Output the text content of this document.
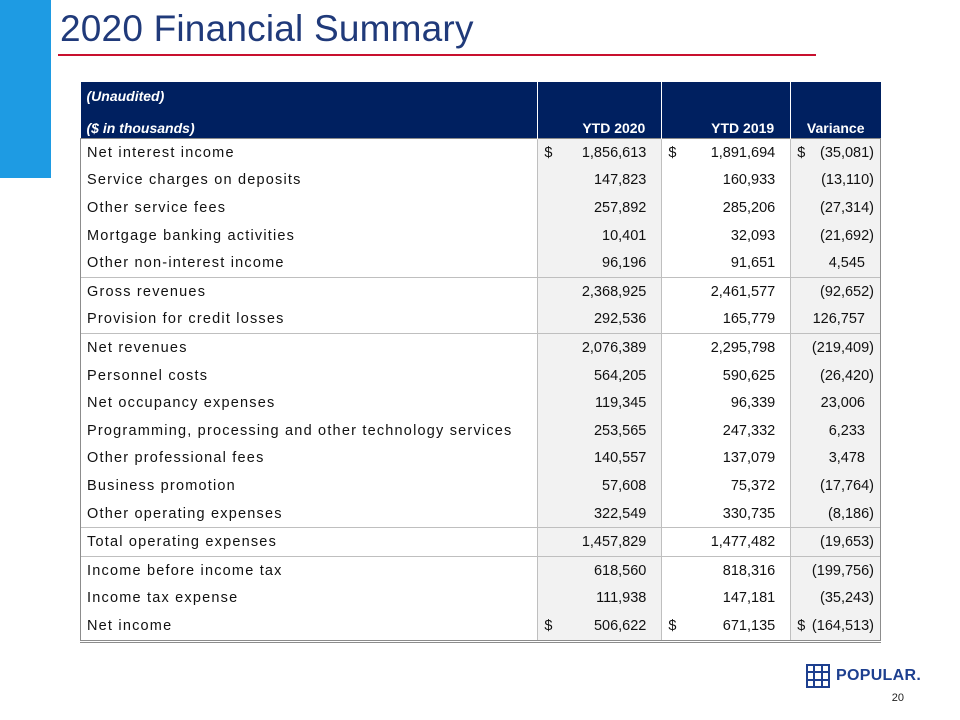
2020 Financial Summary
(Unaudited)
($ in thousands)	YTD 2020	YTD 2019	Variance
Net interest income	$ 1,856,613	$ 1,891,694	$ (35,081)

Service charges on deposits	147,823	160,933	(13,110)

Other service fees	257,892	285,206	(27,314)

Mortgage banking activities	10,401	32,093	(21,692)

Other non-interest income	96,196	91,651	4,545

Gross revenues	2,368,925	2,461,577	(92,652)

Provision for credit losses	292,536	165,779	126,757

Net revenues	2,076,389	2,295,798	(219,409)

Personnel costs	564,205	590,625	(26,420)

Net occupancy expenses	119,345	96,339	23,006

Programming, processing and other technology services	253,565	247,332	6,233

Other professional fees	140,557	137,079	3,478

Business promotion	57,608	75,372	(17,764)

Other operating expenses	322,549	330,735	(8,186)

Total operating expenses	1,457,829	1,477,482	(19,653)

Income before income tax	618,560	818,316	(199,756)

Income tax expense	111,938	147,181	(35,243)

Net income	$ 506,622	$ 671,135	$ (164,513)
POPULAR.
20
